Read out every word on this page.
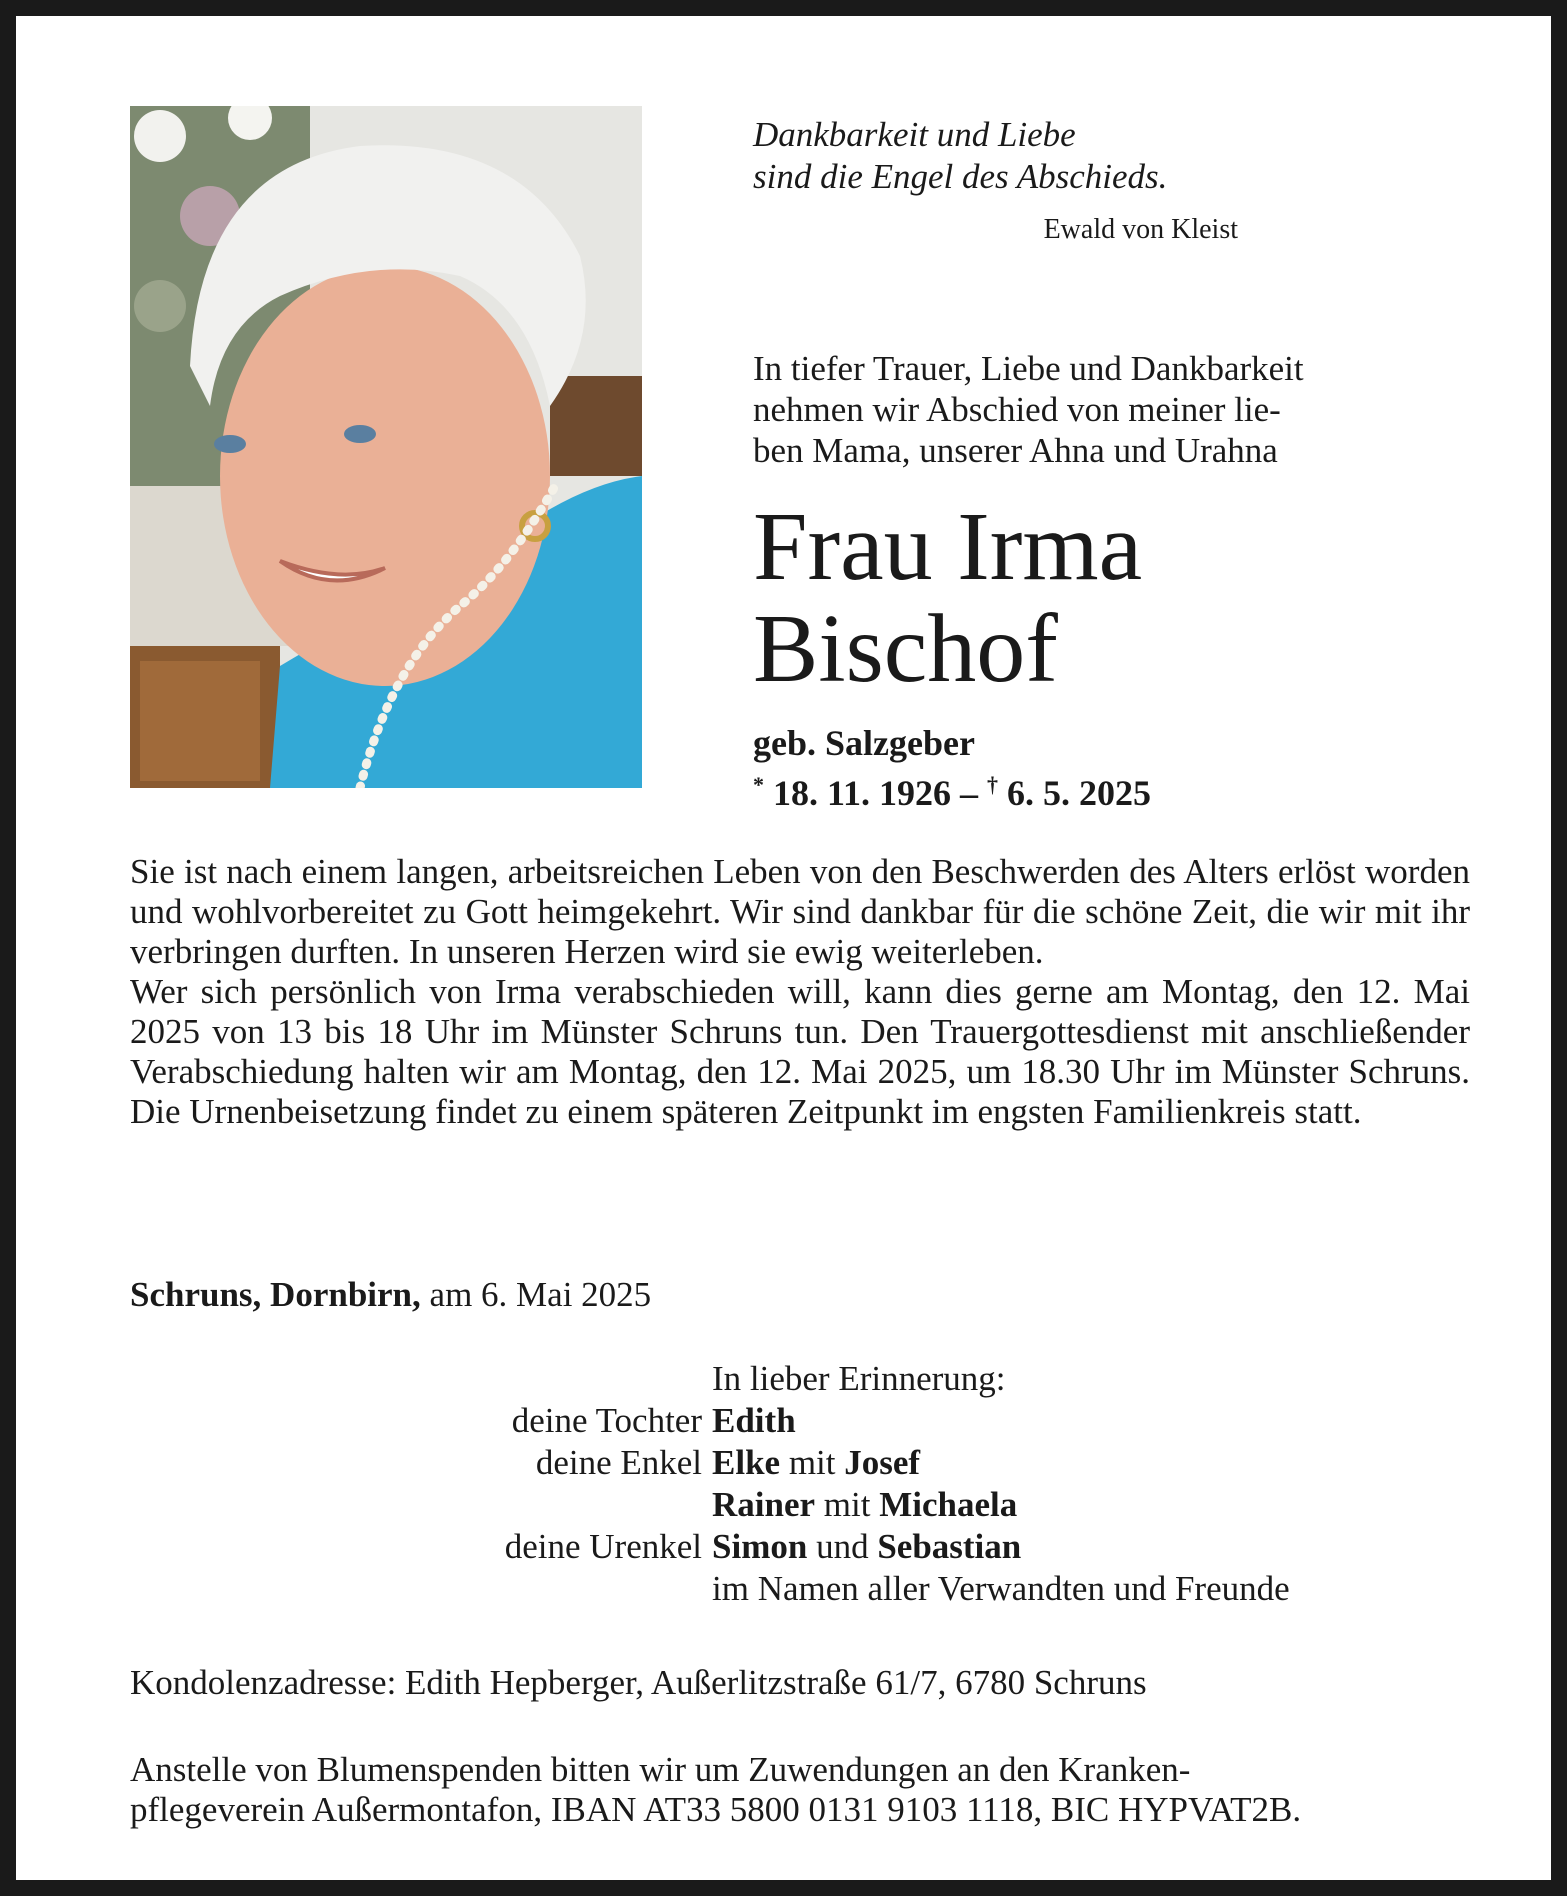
Dankbarkeit und Liebe
sind die Engel des Abschieds.
Ewald von Kleist
In tiefer Trauer, Liebe und Dankbarkeit
nehmen wir Abschied von meiner lie-
ben Mama, unserer Ahna und Urahna
Frau Irma
Bischof
geb. Salzgeber
* 18. 11. 1926 – † 6. 5. 2025

Sie ist nach einem langen, arbeitsreichen Leben von den Beschwerden des Alters erlöst worden und wohlvorbereitet zu Gott heimgekehrt. Wir sind dankbar für die schöne Zeit, die wir mit ihr verbringen durften. In unseren Herzen wird sie ewig weiterleben.

Wer sich persönlich von Irma verabschieden will, kann dies gerne am Montag, den 12. Mai 2025 von 13 bis 18 Uhr im Münster Schruns tun. Den Trauergottesdienst mit anschließender Verabschiedung halten wir am Montag, den 12. Mai 2025, um 18.30 Uhr im Münster Schruns. Die Urnenbeisetzung findet zu einem späteren Zeitpunkt im engsten Familienkreis statt.

Schruns, Dornbirn, am 6. Mai 2025
In lieber Erinnerung:
deine Tochter Edith
deine Enkel Elke mit Josef
Rainer mit Michaela
deine Urenkel Simon und Sebastian
im Namen aller Verwandten und Freunde
Kondolenzadresse: Edith Hepberger, Außerlitzstraße 61/7, 6780 Schruns
Anstelle von Blumenspenden bitten wir um Zuwendungen an den Kranken-
pflegeverein Außermontafon, IBAN AT33 5800 0131 9103 1118, BIC HYPVAT2B.
